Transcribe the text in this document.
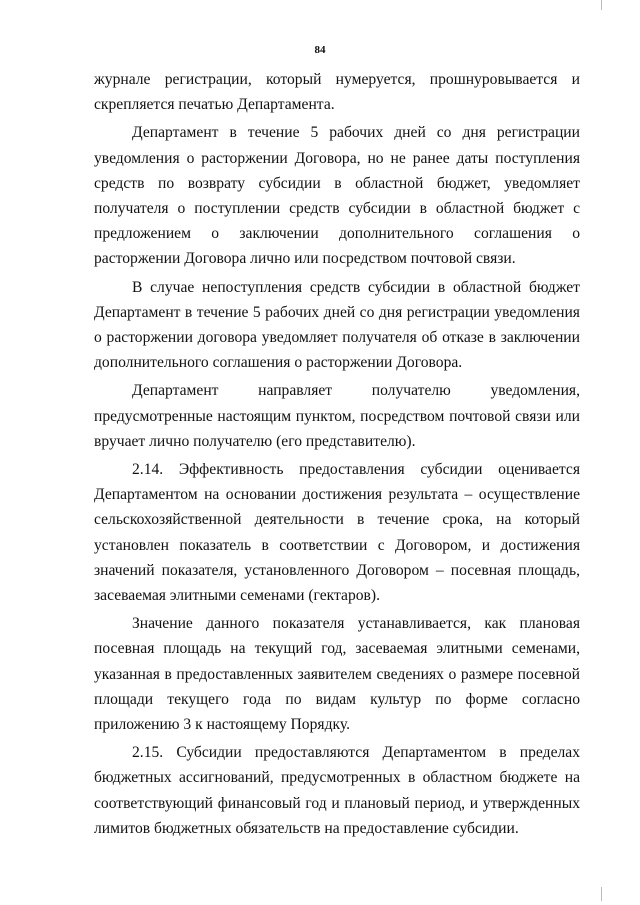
84

журнале регистрации, который нумеруется, прошнуровывается и скрепляется печатью Департамента.

Департамент в течение 5 рабочих дней со дня регистрации уведомления о расторжении Договора, но не ранее даты поступления средств по возврату субсидии в областной бюджет, уведомляет получателя о поступлении средств субсидии в областной бюджет с предложением о заключении дополнительного соглашения о расторжении Договора лично или посредством почтовой связи.

В случае непоступления средств субсидии в областной бюджет Департамент в течение 5 рабочих дней со дня регистрации уведомления о расторжении договора уведомляет получателя об отказе в заключении дополнительного соглашения о расторжении Договора.

Департамент направляет получателю уведомления, предусмотренные настоящим пунктом, посредством почтовой связи или вручает лично получателю (его представителю).

2.14. Эффективность предоставления субсидии оценивается Департаментом на основании достижения результата – осуществление сельскохозяйственной деятельности в течение срока, на который установлен показатель в соответствии с Договором, и достижения значений показателя, установленного Договором – посевная площадь, засеваемая элитными семенами (гектаров).

Значение данного показателя устанавливается, как плановая посевная площадь на текущий год, засеваемая элитными семенами, указанная в предоставленных заявителем сведениях о размере посевной площади текущего года по видам культур по форме согласно приложению 3 к настоящему Порядку.

2.15. Субсидии предоставляются Департаментом в пределах бюджетных ассигнований, предусмотренных в областном бюджете на соответствующий финансовый год и плановый период, и утвержденных лимитов бюджетных обязательств на предоставление субсидии.
